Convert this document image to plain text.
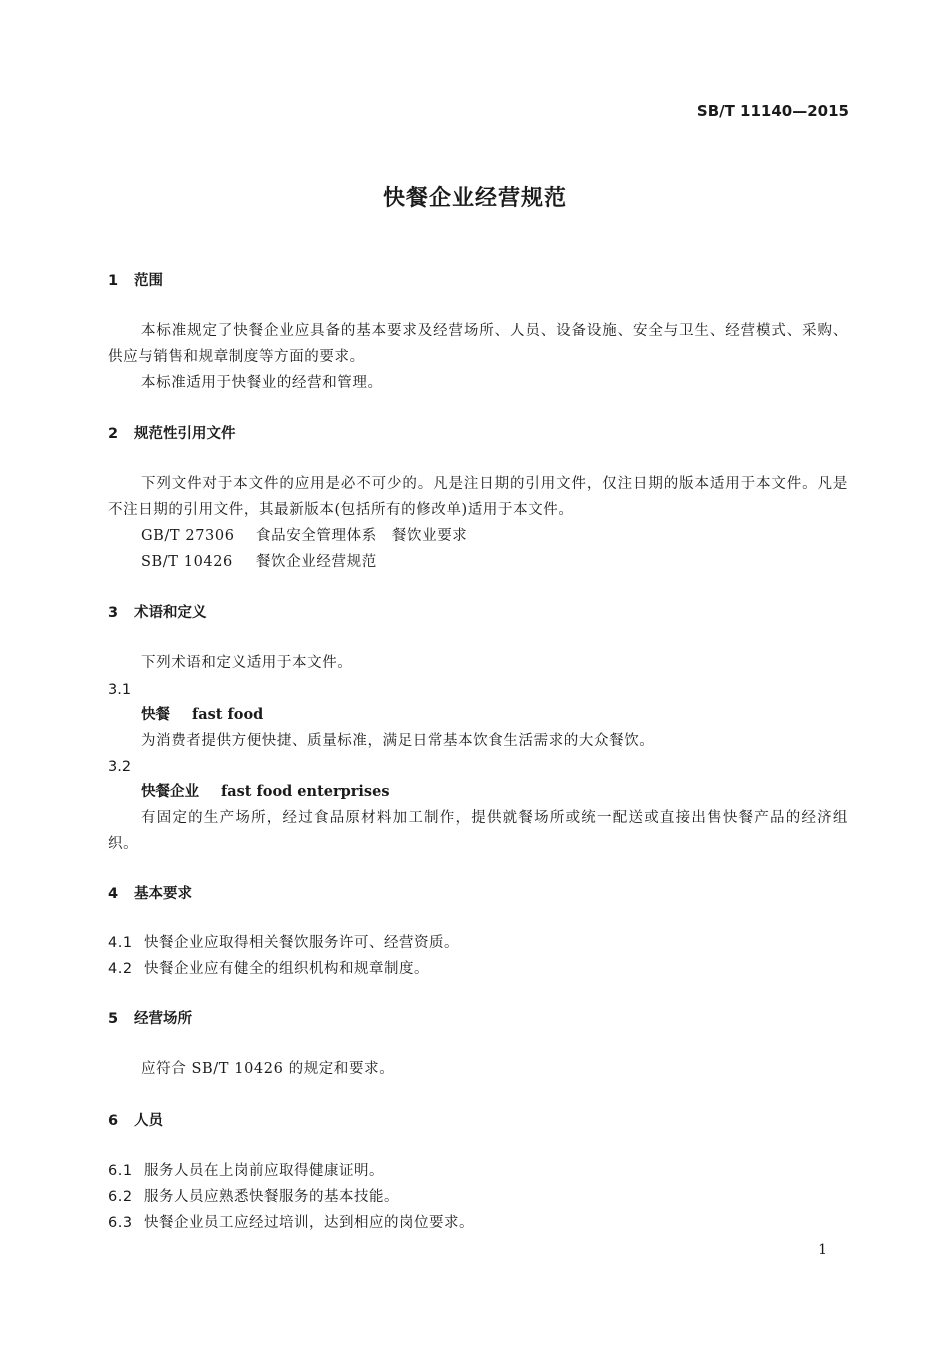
SB/T 11140—2015
快餐企业经营规范
1 范围
本标准规定了快餐企业应具备的基本要求及经营场所、人员、设备设施、安全与卫生、经营模式、采购、供应与销售和规章制度等方面的要求。
本标准适用于快餐业的经营和管理。
2 规范性引用文件
下列文件对于本文件的应用是必不可少的。凡是注日期的引用文件，仅注日期的版本适用于本文件。凡是不注日期的引用文件，其最新版本(包括所有的修改单)适用于本文件。
GB/T 27306 食品安全管理体系　餐饮业要求
SB/T 10426 餐饮企业经营规范
3 术语和定义
下列术语和定义适用于本文件。
3.1
快餐 fast food
为消费者提供方便快捷、质量标准，满足日常基本饮食生活需求的大众餐饮。
3.2
快餐企业 fast food enterprises
有固定的生产场所，经过食品原材料加工制作，提供就餐场所或统一配送或直接出售快餐产品的经济组织。
4 基本要求
4.1 快餐企业应取得相关餐饮服务许可、经营资质。
4.2 快餐企业应有健全的组织机构和规章制度。
5 经营场所
应符合 SB/T 10426 的规定和要求。
6 人员
6.1 服务人员在上岗前应取得健康证明。
6.2 服务人员应熟悉快餐服务的基本技能。
6.3 快餐企业员工应经过培训，达到相应的岗位要求。
1
